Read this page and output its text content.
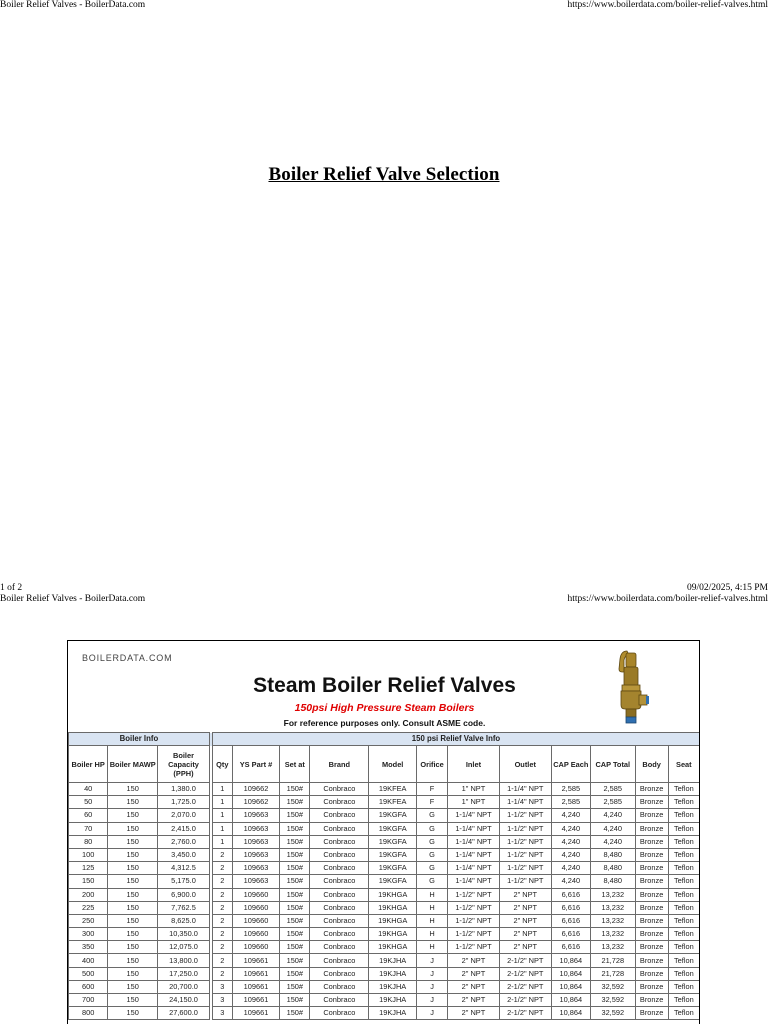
Boiler Relief Valves - BoilerData.com	https://www.boilerdata.com/boiler-relief-valves.html
Boiler Relief Valve Selection
1 of 2	09/02/2025, 4:15 PM
Boiler Relief Valves - BoilerData.com	https://www.boilerdata.com/boiler-relief-valves.html
BOILERDATA.COM
Steam Boiler Relief Valves
150psi High Pressure Steam Boilers
For reference purposes only. Consult ASME code.
Boiler Info				150 psi Relief Valve Info											
Boiler HP	Boiler MAWP	Boiler Capacity (PPH)		Qty	YS Part #	Set at	Brand	Model	Orifice	Inlet	Outlet	CAP Each	CAP Total	Body	Seat
40	150	1,380.0		1	109662	150#	Conbraco	19KFEA	F	1" NPT	1-1/4" NPT	2,585	2,585	Bronze	Teflon
50	150	1,725.0		1	109662	150#	Conbraco	19KFEA	F	1" NPT	1-1/4" NPT	2,585	2,585	Bronze	Teflon
60	150	2,070.0		1	109663	150#	Conbraco	19KGFA	G	1-1/4" NPT	1-1/2" NPT	4,240	4,240	Bronze	Teflon
70	150	2,415.0		1	109663	150#	Conbraco	19KGFA	G	1-1/4" NPT	1-1/2" NPT	4,240	4,240	Bronze	Teflon
80	150	2,760.0		1	109663	150#	Conbraco	19KGFA	G	1-1/4" NPT	1-1/2" NPT	4,240	4,240	Bronze	Teflon
100	150	3,450.0		2	109663	150#	Conbraco	19KGFA	G	1-1/4" NPT	1-1/2" NPT	4,240	8,480	Bronze	Teflon
125	150	4,312.5		2	109663	150#	Conbraco	19KGFA	G	1-1/4" NPT	1-1/2" NPT	4,240	8,480	Bronze	Teflon
150	150	5,175.0		2	109663	150#	Conbraco	19KGFA	G	1-1/4" NPT	1-1/2" NPT	4,240	8,480	Bronze	Teflon
200	150	6,900.0		2	109660	150#	Conbraco	19KHGA	H	1-1/2" NPT	2" NPT	6,616	13,232	Bronze	Teflon
225	150	7,762.5		2	109660	150#	Conbraco	19KHGA	H	1-1/2" NPT	2" NPT	6,616	13,232	Bronze	Teflon
250	150	8,625.0		2	109660	150#	Conbraco	19KHGA	H	1-1/2" NPT	2" NPT	6,616	13,232	Bronze	Teflon
300	150	10,350.0		2	109660	150#	Conbraco	19KHGA	H	1-1/2" NPT	2" NPT	6,616	13,232	Bronze	Teflon
350	150	12,075.0		2	109660	150#	Conbraco	19KHGA	H	1-1/2" NPT	2" NPT	6,616	13,232	Bronze	Teflon
400	150	13,800.0		2	109661	150#	Conbraco	19KJHA	J	2" NPT	2-1/2" NPT	10,864	21,728	Bronze	Teflon
500	150	17,250.0		2	109661	150#	Conbraco	19KJHA	J	2" NPT	2-1/2" NPT	10,864	21,728	Bronze	Teflon
600	150	20,700.0		3	109661	150#	Conbraco	19KJHA	J	2" NPT	2-1/2" NPT	10,864	32,592	Bronze	Teflon
700	150	24,150.0		3	109661	150#	Conbraco	19KJHA	J	2" NPT	2-1/2" NPT	10,864	32,592	Bronze	Teflon
800	150	27,600.0		3	109661	150#	Conbraco	19KJHA	J	2" NPT	2-1/2" NPT	10,864	32,592	Bronze	Teflon
